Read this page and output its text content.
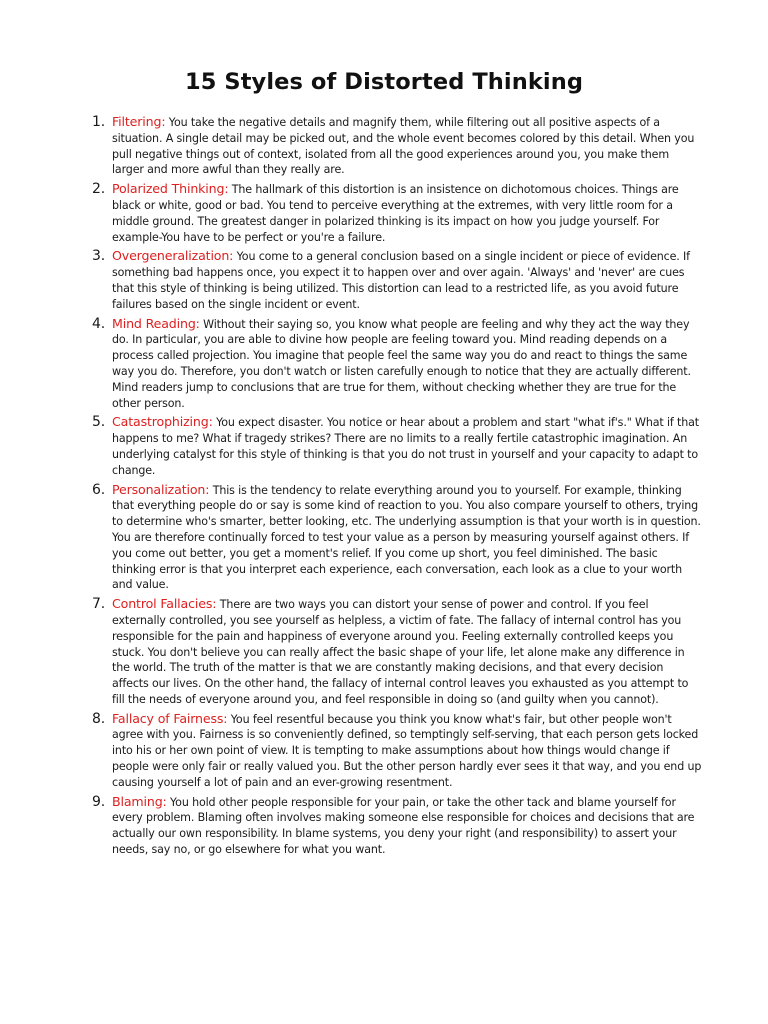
15 Styles of Distorted Thinking
1. Filtering: You take the negative details and magnify them, while filtering out all positive aspects of a situation. A single detail may be picked out, and the whole event becomes colored by this detail. When you pull negative things out of context, isolated from all the good experiences around you, you make them larger and more awful than they really are.
2. Polarized Thinking: The hallmark of this distortion is an insistence on dichotomous choices. Things are black or white, good or bad. You tend to perceive everything at the extremes, with very little room for a middle ground. The greatest danger in polarized thinking is its impact on how you judge yourself. For example-You have to be perfect or you're a failure.
3. Overgeneralization: You come to a general conclusion based on a single incident or piece of evidence. If something bad happens once, you expect it to happen over and over again. 'Always' and 'never' are cues that this style of thinking is being utilized. This distortion can lead to a restricted life, as you avoid future failures based on the single incident or event.
4. Mind Reading: Without their saying so, you know what people are feeling and why they act the way they do. In particular, you are able to divine how people are feeling toward you. Mind reading depends on a process called projection. You imagine that people feel the same way you do and react to things the same way you do. Therefore, you don't watch or listen carefully enough to notice that they are actually different. Mind readers jump to conclusions that are true for them, without checking whether they are true for the other person.
5. Catastrophizing: You expect disaster. You notice or hear about a problem and start "what if's." What if that happens to me? What if tragedy strikes? There are no limits to a really fertile catastrophic imagination. An underlying catalyst for this style of thinking is that you do not trust in yourself and your capacity to adapt to change.
6. Personalization: This is the tendency to relate everything around you to yourself. For example, thinking that everything people do or say is some kind of reaction to you. You also compare yourself to others, trying to determine who's smarter, better looking, etc. The underlying assumption is that your worth is in question. You are therefore continually forced to test your value as a person by measuring yourself against others. If you come out better, you get a moment's relief. If you come up short, you feel diminished. The basic thinking error is that you interpret each experience, each conversation, each look as a clue to your worth and value.
7. Control Fallacies: There are two ways you can distort your sense of power and control. If you feel externally controlled, you see yourself as helpless, a victim of fate. The fallacy of internal control has you responsible for the pain and happiness of everyone around you. Feeling externally controlled keeps you stuck. You don't believe you can really affect the basic shape of your life, let alone make any difference in the world. The truth of the matter is that we are constantly making decisions, and that every decision affects our lives. On the other hand, the fallacy of internal control leaves you exhausted as you attempt to fill the needs of everyone around you, and feel responsible in doing so (and guilty when you cannot).
8. Fallacy of Fairness: You feel resentful because you think you know what's fair, but other people won't agree with you. Fairness is so conveniently defined, so temptingly self-serving, that each person gets locked into his or her own point of view. It is tempting to make assumptions about how things would change if people were only fair or really valued you. But the other person hardly ever sees it that way, and you end up causing yourself a lot of pain and an ever-growing resentment.
9. Blaming: You hold other people responsible for your pain, or take the other tack and blame yourself for every problem. Blaming often involves making someone else responsible for choices and decisions that are actually our own responsibility. In blame systems, you deny your right (and responsibility) to assert your needs, say no, or go elsewhere for what you want.
